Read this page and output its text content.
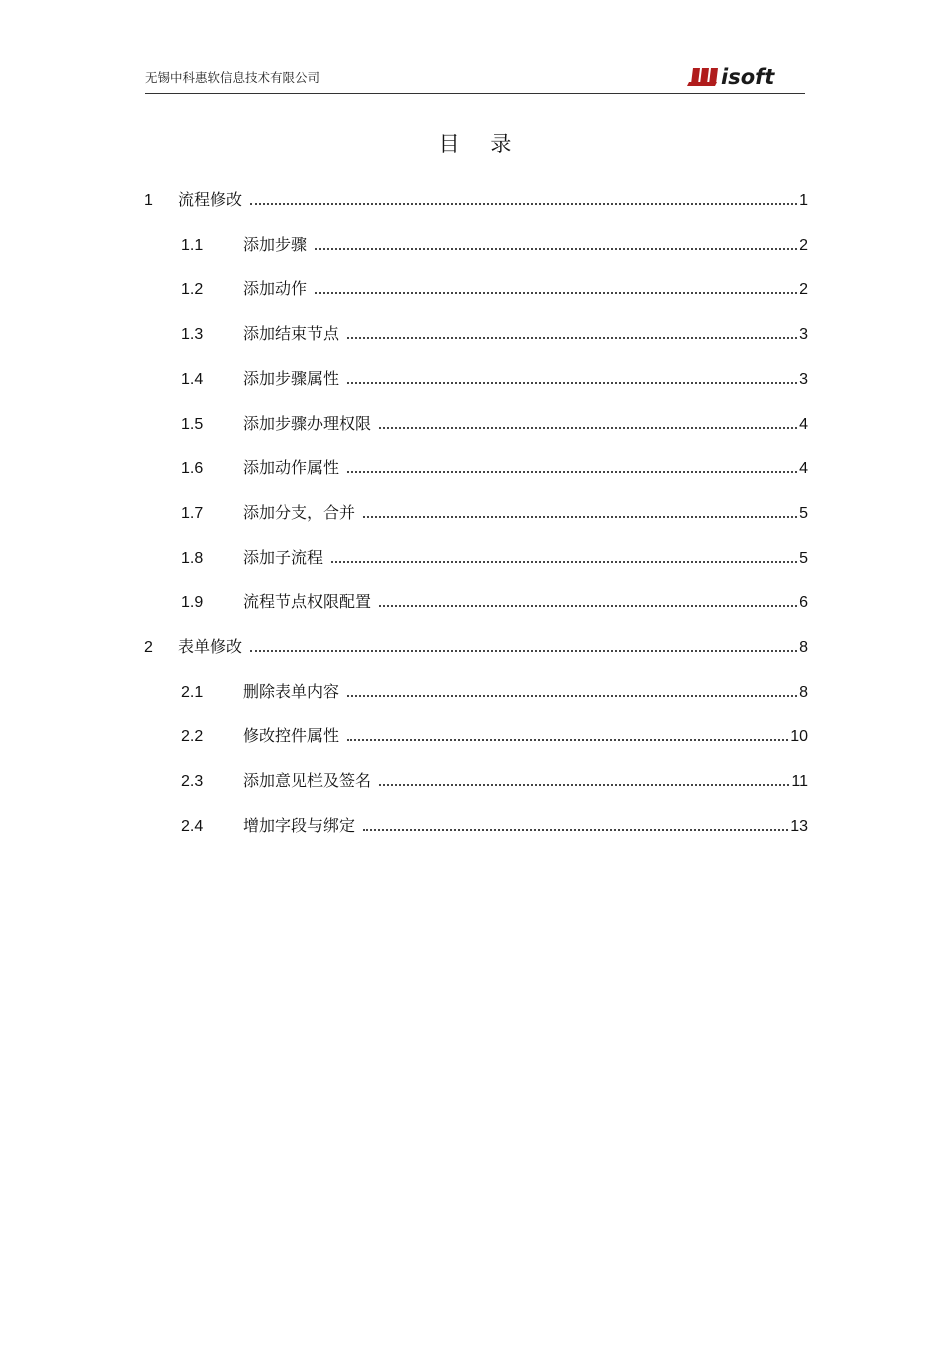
无锡中科惠软信息技术有限公司	isoft
目 录
1	流程修改	1
1.1	添加步骤	2
1.2	添加动作	2
1.3	添加结束节点	3
1.4	添加步骤属性	3
1.5	添加步骤办理权限	4
1.6	添加动作属性	4
1.7	添加分支，合并	5
1.8	添加子流程	5
1.9	流程节点权限配置	6
2	表单修改	8
2.1	删除表单内容	8
2.2	修改控件属性	10
2.3	添加意见栏及签名	11
2.4	增加字段与绑定	13
